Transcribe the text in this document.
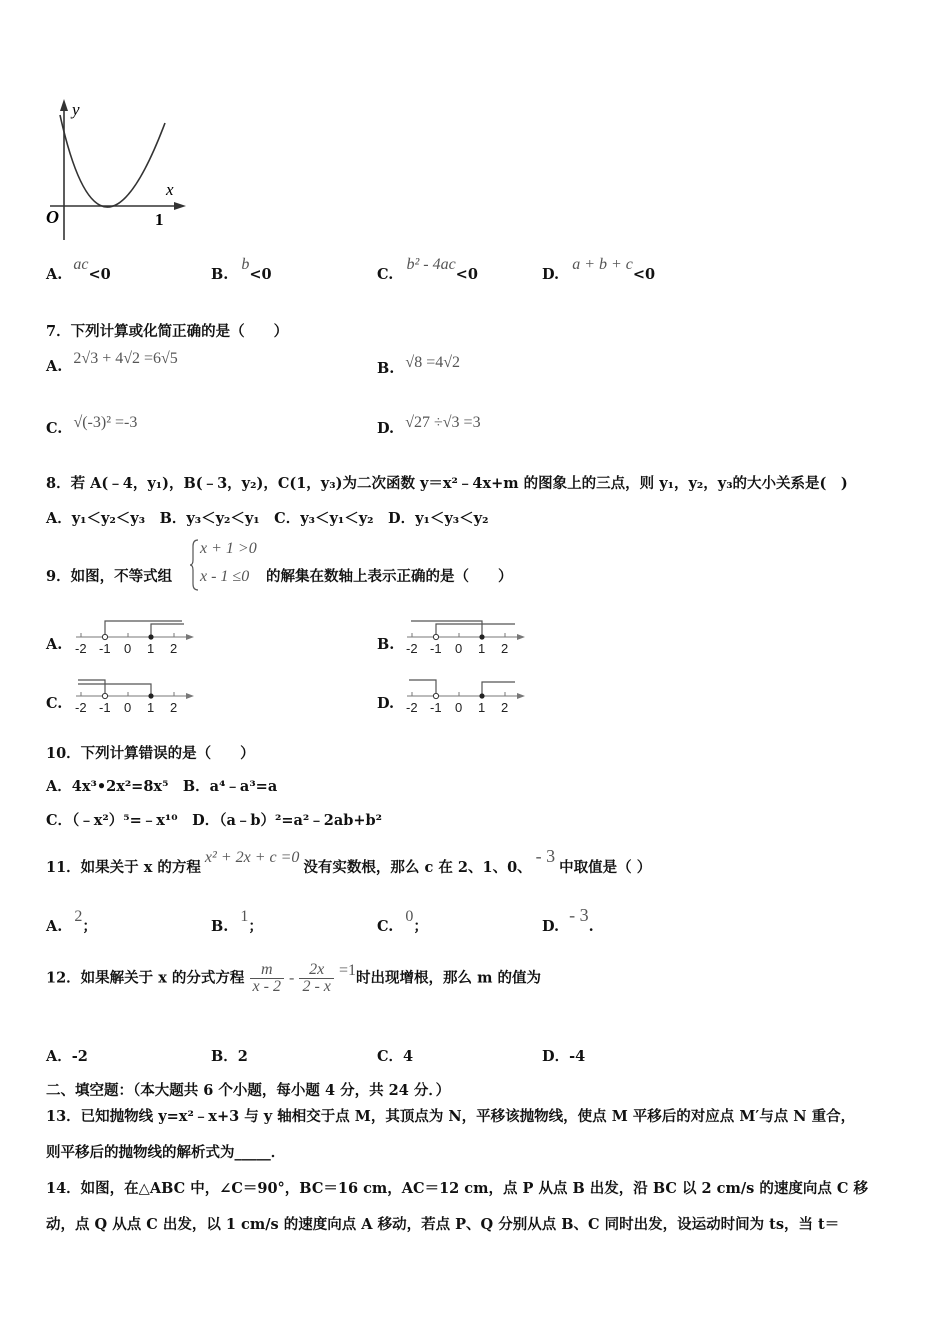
y
x
O	1
A. ac<0	B. b<0	C. b² - 4ac<0	D. a + b + c<0
7．下列计算或化简正确的是（　　）
A. 2√3 + 4√2 =6√5
B. √8 =4√2
C. √(-3)² =-3	D. √27 ÷√3 =3
8．若 A(﹣4，y₁)，B(﹣3，y₂)，C(1，y₃)为二次函数 y＝x²﹣4x+m 的图象上的三点，则 y₁，y₂，y₃的大小关系是(　)
A．y₁＜y₂＜y₃　B．y₃＜y₂＜y₁　C．y₃＜y₁＜y₂　D．y₁＜y₃＜y₂
9．如图，不等式组
x + 1 >0
x - 1 ≤0 的解集在数轴上表示正确的是（　　）
A. -2 -1 0 1 2	B. -2 -1 0 1 2
C. -2 -1 0 1 2	D. -2 -1 0 1 2
10．下列计算错误的是（　　）
A．4x³•2x²=8x⁵　B．a⁴﹣a³=a
C．（﹣x²）⁵=﹣x¹⁰　D．（a﹣b）²=a²﹣2ab+b²
11．如果关于 x 的方程x² + 2x + c =0没有实数根，那么 c 在 2、1、0、- 3中取值是（ ）
A.2；	B.1；	C.0；	D.- 3.
12．如果解关于 x 的分式方程 $\frac{m}{x - 2} - \frac{2x}{2 - x} =1$时出现增根，那么 m 的值为
A．-2	B．2	C．4	D．-4
二、填空题：（本大题共 6 个小题，每小题 4 分，共 24 分．）
13．已知抛物线 y=x²﹣x+3 与 y 轴相交于点 M，其顶点为 N，平移该抛物线，使点 M 平移后的对应点 M′与点 N 重合，
则平移后的抛物线的解析式为_____．
14．如图，在△ABC 中，∠C＝90°，BC＝16 cm，AC＝12 cm，点 P 从点 B 出发，沿 BC 以 2 cm/s 的速度向点 C 移
动，点 Q 从点 C 出发，以 1 cm/s 的速度向点 A 移动，若点 P、Q 分别从点 B、C 同时出发，设运动时间为 ts，当 t＝
